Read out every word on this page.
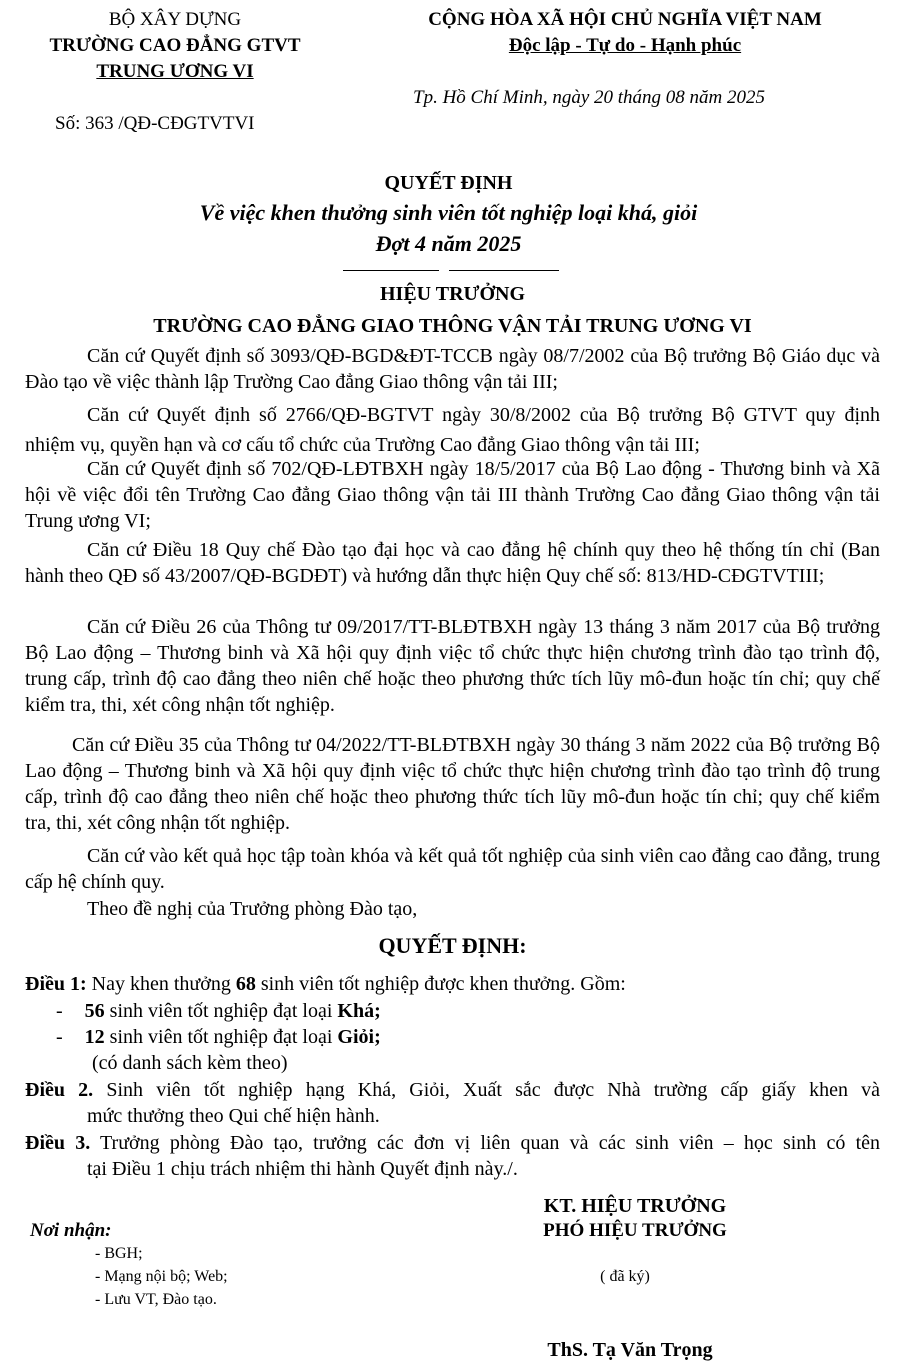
BỘ XÂY DỰNG
TRƯỜNG CAO ĐẲNG GTVT
TRUNG ƯƠNG VI
Số: 363 /QĐ-CĐGTVTVI
CỘNG HÒA XÃ HỘI CHỦ NGHĨA VIỆT NAM
Độc lập - Tự do - Hạnh phúc
Tp. Hồ Chí Minh, ngày 20 tháng 08 năm 2025
QUYẾT ĐỊNH
Về việc khen thưởng sinh viên tốt nghiệp loại khá, giỏi
Đợt 4 năm 2025
HIỆU TRƯỞNG
TRƯỜNG CAO ĐẲNG GIAO THÔNG VẬN TẢI TRUNG ƯƠNG VI
Căn cứ Quyết định số 3093/QĐ-BGD&ĐT-TCCB ngày 08/7/2002 của Bộ trưởng Bộ Giáo dục và Đào tạo về việc thành lập Trường Cao đẳng Giao thông vận tải III;
Căn cứ Quyết định số 2766/QĐ-BGTVT ngày 30/8/2002 của Bộ trưởng Bộ GTVT quy định nhiệm vụ, quyền hạn và cơ cấu tổ chức của Trường Cao đẳng Giao thông vận tải III;
Căn cứ Quyết định số 702/QĐ-LĐTBXH ngày 18/5/2017 của Bộ Lao động - Thương binh và Xã hội về việc đổi tên Trường Cao đẳng Giao thông vận tải III thành Trường Cao đẳng Giao thông vận tải Trung ương VI;
Căn cứ Điều 18 Quy chế Đào tạo đại học và cao đẳng hệ chính quy theo hệ thống tín chỉ (Ban hành theo QĐ số 43/2007/QĐ-BGDĐT) và hướng dẫn thực hiện Quy chế số: 813/HD-CĐGTVTIII;
Căn cứ Điều 26 của Thông tư 09/2017/TT-BLĐTBXH ngày 13 tháng 3 năm 2017 của Bộ trưởng Bộ Lao động – Thương binh và Xã hội quy định việc tổ chức thực hiện chương trình đào tạo trình độ, trung cấp, trình độ cao đẳng theo niên chế hoặc theo phương thức tích lũy mô-đun hoặc tín chỉ; quy chế kiểm tra, thi, xét công nhận tốt nghiệp.
Căn cứ Điều 35 của Thông tư 04/2022/TT-BLĐTBXH ngày 30 tháng 3 năm 2022 của Bộ trưởng Bộ Lao động – Thương binh và Xã hội quy định việc tổ chức thực hiện chương trình đào tạo trình độ trung cấp, trình độ cao đẳng theo niên chế hoặc theo phương thức tích lũy mô-đun hoặc tín chỉ; quy chế kiểm tra, thi, xét công nhận tốt nghiệp.
Căn cứ vào kết quả học tập toàn khóa và kết quả tốt nghiệp của sinh viên cao đẳng cao đẳng, trung cấp hệ chính quy.
Theo đề nghị của Trưởng phòng Đào tạo,
QUYẾT ĐỊNH:
Điều 1: Nay khen thưởng 68 sinh viên tốt nghiệp được khen thưởng. Gồm:
- 56 sinh viên tốt nghiệp đạt loại Khá;
- 12 sinh viên tốt nghiệp đạt loại Giỏi;
(có danh sách kèm theo)
Điều 2. Sinh viên tốt nghiệp hạng Khá, Giỏi, Xuất sắc được Nhà trường cấp giấy khen và
mức thưởng theo Qui chế hiện hành.
Điều 3. Trưởng phòng Đào tạo, trưởng các đơn vị liên quan và các sinh viên – học sinh có tên
tại Điều 1 chịu trách nhiệm thi hành Quyết định này./.
Nơi nhận:
- BGH;
- Mạng nội bộ; Web;
- Lưu VT, Đào tạo.
KT. HIỆU TRƯỞNG
PHÓ HIỆU TRƯỞNG
( đã ký)
ThS. Tạ Văn Trọng
